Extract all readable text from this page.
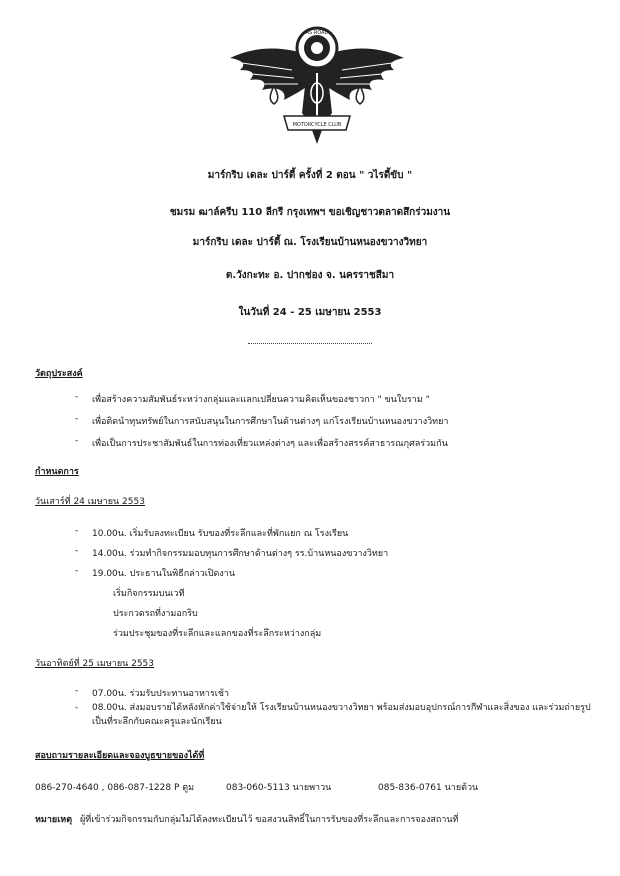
AS ROAD
MOTORCYCLE CLUB
มาร์กริบ เดละ ปาร์ตี้ ครั้งที่ 2 ตอน " วไรดี้ขับ "
ชมรม ฒาล์ครีบ 110 ลีกรี กรุงเทพฯ ขอเชิญชาวตลาดสึกร่วมงาน
มาร์กริบ เดละ ปาร์ตี้ ณ. โรงเรียนบ้านหนองขวางวิทยา
ต.วังกะทะ อ. ปากช่อง จ. นครราชสีมา
ในวันที่ 24 - 25 เมษายน 2553
วัตถุประสงค์
- เพื่อสร้างความสัมพันธ์ระหว่างกลุ่มและแลกเปลี่ยนความคิดเห็นของชาวกา " ขนใบราม "
- เพื่อติดนำทุนทรัพย์ในการสนับสนุนในการศึกษาในด้านต่างๆ แก่โรงเรียนบ้านหนองขวางวิทยา
- เพื่อเป็นการประชาสัมพันธ์ในการท่องเที่ยวแหล่งต่างๆ และเพื่อสร้างสรรค์สาธารณกุศลร่วมกัน
กำหนดการ
วันเสาร์ที่ 24 เมษายน 2553
- 10.00น. เริ่มรับลงทะเบียน รับของที่ระลึกและที่พักแยก ณ โรงเรียน
- 14.00น. ร่วมทำกิจกรรมมอบทุนการศึกษาด้านต่างๆ รร.บ้านหนองขวางวิทยา
- 19.00น. ประธานในพิธีกล่าวเปิดงาน
เริ่มกิจกรรมบนเวที
ประกวดรถที่งามอกริบ
ร่วมประชุมของที่ระลึกและแลกของที่ระลึกระหว่างกลุ่ม
วันอาทิตย์ที่ 25 เมษายน 2553
- 07.00น. ร่วมรับประทานอาหารเช้า
- 08.00น. ส่งมอบรายได้หลังหักค่าใช้จ่ายให้ โรงเรียนบ้านหนองขวางวิทยา พร้อมส่งมอบอุปกรณ์การกีฬาและสิ่งของ และร่วมถ่ายรูปเป็นที่ระลึกกับคณะครูและนักเรียน
สอบถามรายละเอียดและจองบูธขายของได้ที่
086-270-4640 , 086-087-1228 P ตูม	083-060-5113 นายพาวน	085-836-0761 นายต้วน
หมายเหตุ ผู้ที่เข้าร่วมกิจกรรมกับกลุ่มไม่ได้ลงทะเบียนไว้ ขอสงวนสิทธิ์ในการรับของที่ระลึกและการจองสถานที่
